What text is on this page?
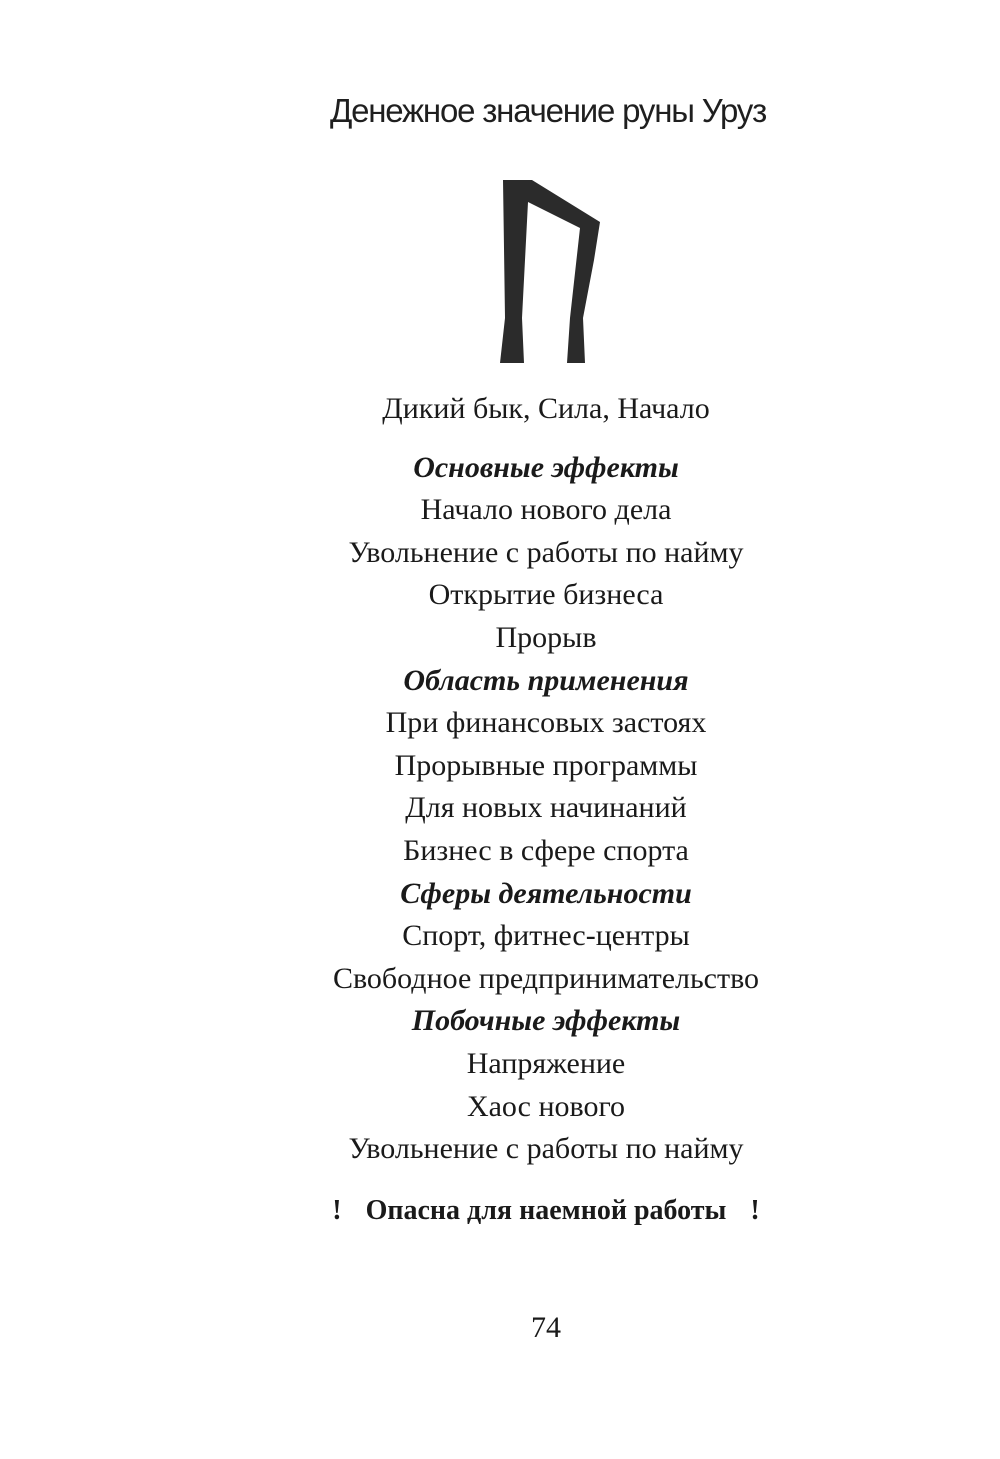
Денежное значение руны Уруз
Дикий бык, Сила, Начало
Основные эффекты
Начало нового дела
Увольнение с работы по найму
Открытие бизнеса
Прорыв
Область применения
При финансовых застоях
Прорывные программы
Для новых начинаний
Бизнес в сфере спорта
Сферы деятельности
Спорт, фитнес-центры
Свободное предпринимательство
Побочные эффекты
Напряжение
Хаос нового
Увольнение с работы по найму
! Опасна для наемной работы !
74
